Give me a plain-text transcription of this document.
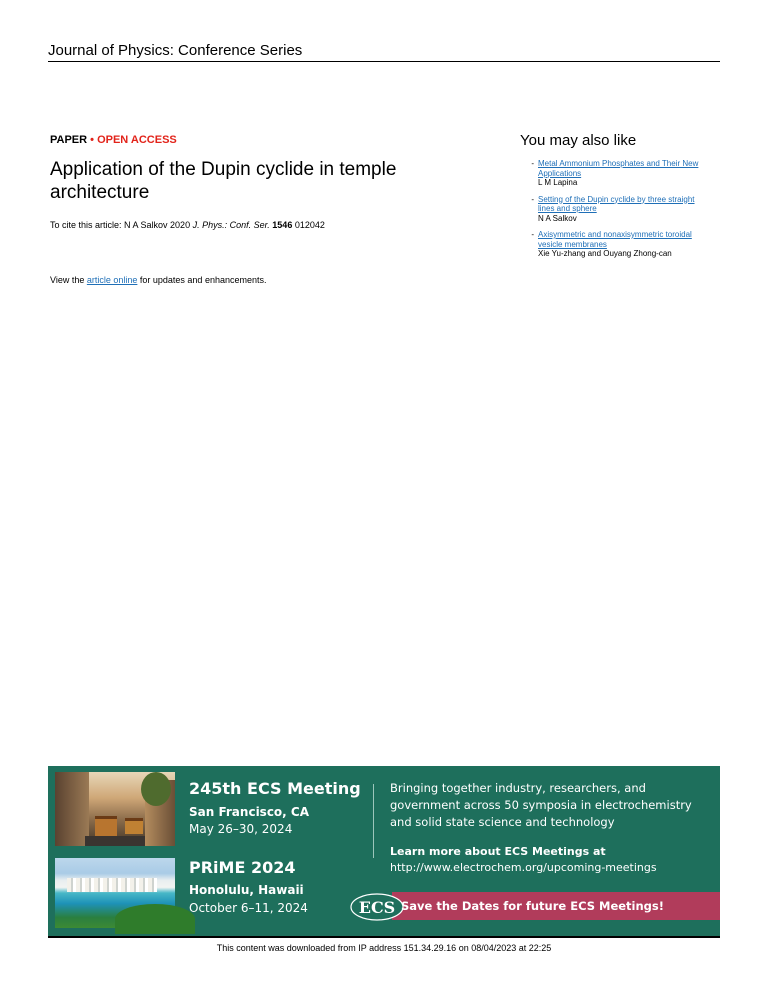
Journal of Physics: Conference Series
PAPER • OPEN ACCESS
Application of the Dupin cyclide in temple architecture
To cite this article: N A Salkov 2020 J. Phys.: Conf. Ser. 1546 012042
View the article online for updates and enhancements.
You may also like
- Metal Ammonium Phosphates and Their New Applications
L M Lapina
- Setting of the Dupin cyclide by three straight lines and sphere
N A Salkov
- Axisymmetric and nonaxisymmetric toroidal vesicle membranes
Xie Yu-zhang and Ouyang Zhong-can
245th ECS Meeting
San Francisco, CA
May 26–30, 2024
PRiME 2024
Honolulu, Hawaii
October 6–11, 2024
Bringing together industry, researchers, and government across 50 symposia in electrochemistry and solid state science and technology
Learn more about ECS Meetings at
http://www.electrochem.org/upcoming-meetings
ECS Save the Dates for future ECS Meetings!
This content was downloaded from IP address 151.34.29.16 on 08/04/2023 at 22:25
